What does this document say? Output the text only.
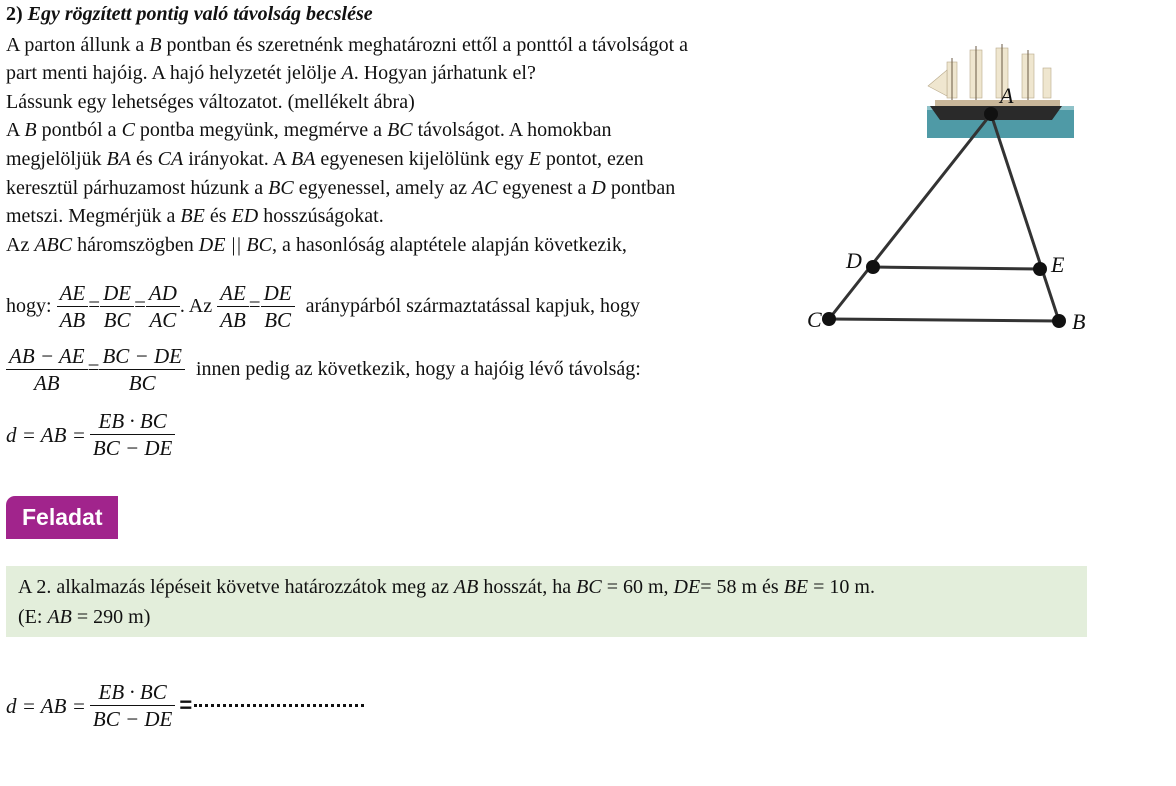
2) Egy rögzített pontig való távolság becslése
A parton állunk a B pontban és szeretnénk meghatározni ettől a ponttól a távolságot a
part menti hajóig. A hajó helyzetét jelölje A. Hogyan járhatunk el?
Lássunk egy lehetséges változatot. (mellékelt ábra)
A B pontból a C pontba megyünk, megmérve a BC távolságot. A homokban
megjelöljük BA és CA irányokat. A BA egyenesen kijelölünk egy E pontot, ezen
keresztül párhuzamost húzunk a BC egyenessel, amely az AC egyenest a D pontban
metszi. Megmérjük a BE és ED hosszúságokat.
Az ABC háromszögben DE || BC, a hasonlóság alaptétele alapján következik,
hogy: $\frac{AE}{AB} = \frac{DE}{BC} = \frac{AD}{AC}$ . Az $\frac{AE}{AB} = \frac{DE}{BC}$ aránypárból származtatással kapjuk, hogy
$\frac{AB - AE}{AB} = \frac{BC - DE}{BC}$ innen pedig az következik, hogy a hajóig lévő távolság:
d = AB = $\frac{EB \cdot BC}{BC - DE}$
Feladat
A 2. alkalmazás lépéseit követve határozzátok meg az AB hosszát, ha BC = 60 m, DE= 58 m és BE = 10 m.
(E: AB = 290 m)
d = AB = $\frac{EB \cdot BC}{BC - DE}$ =
A
D	E
C	B
